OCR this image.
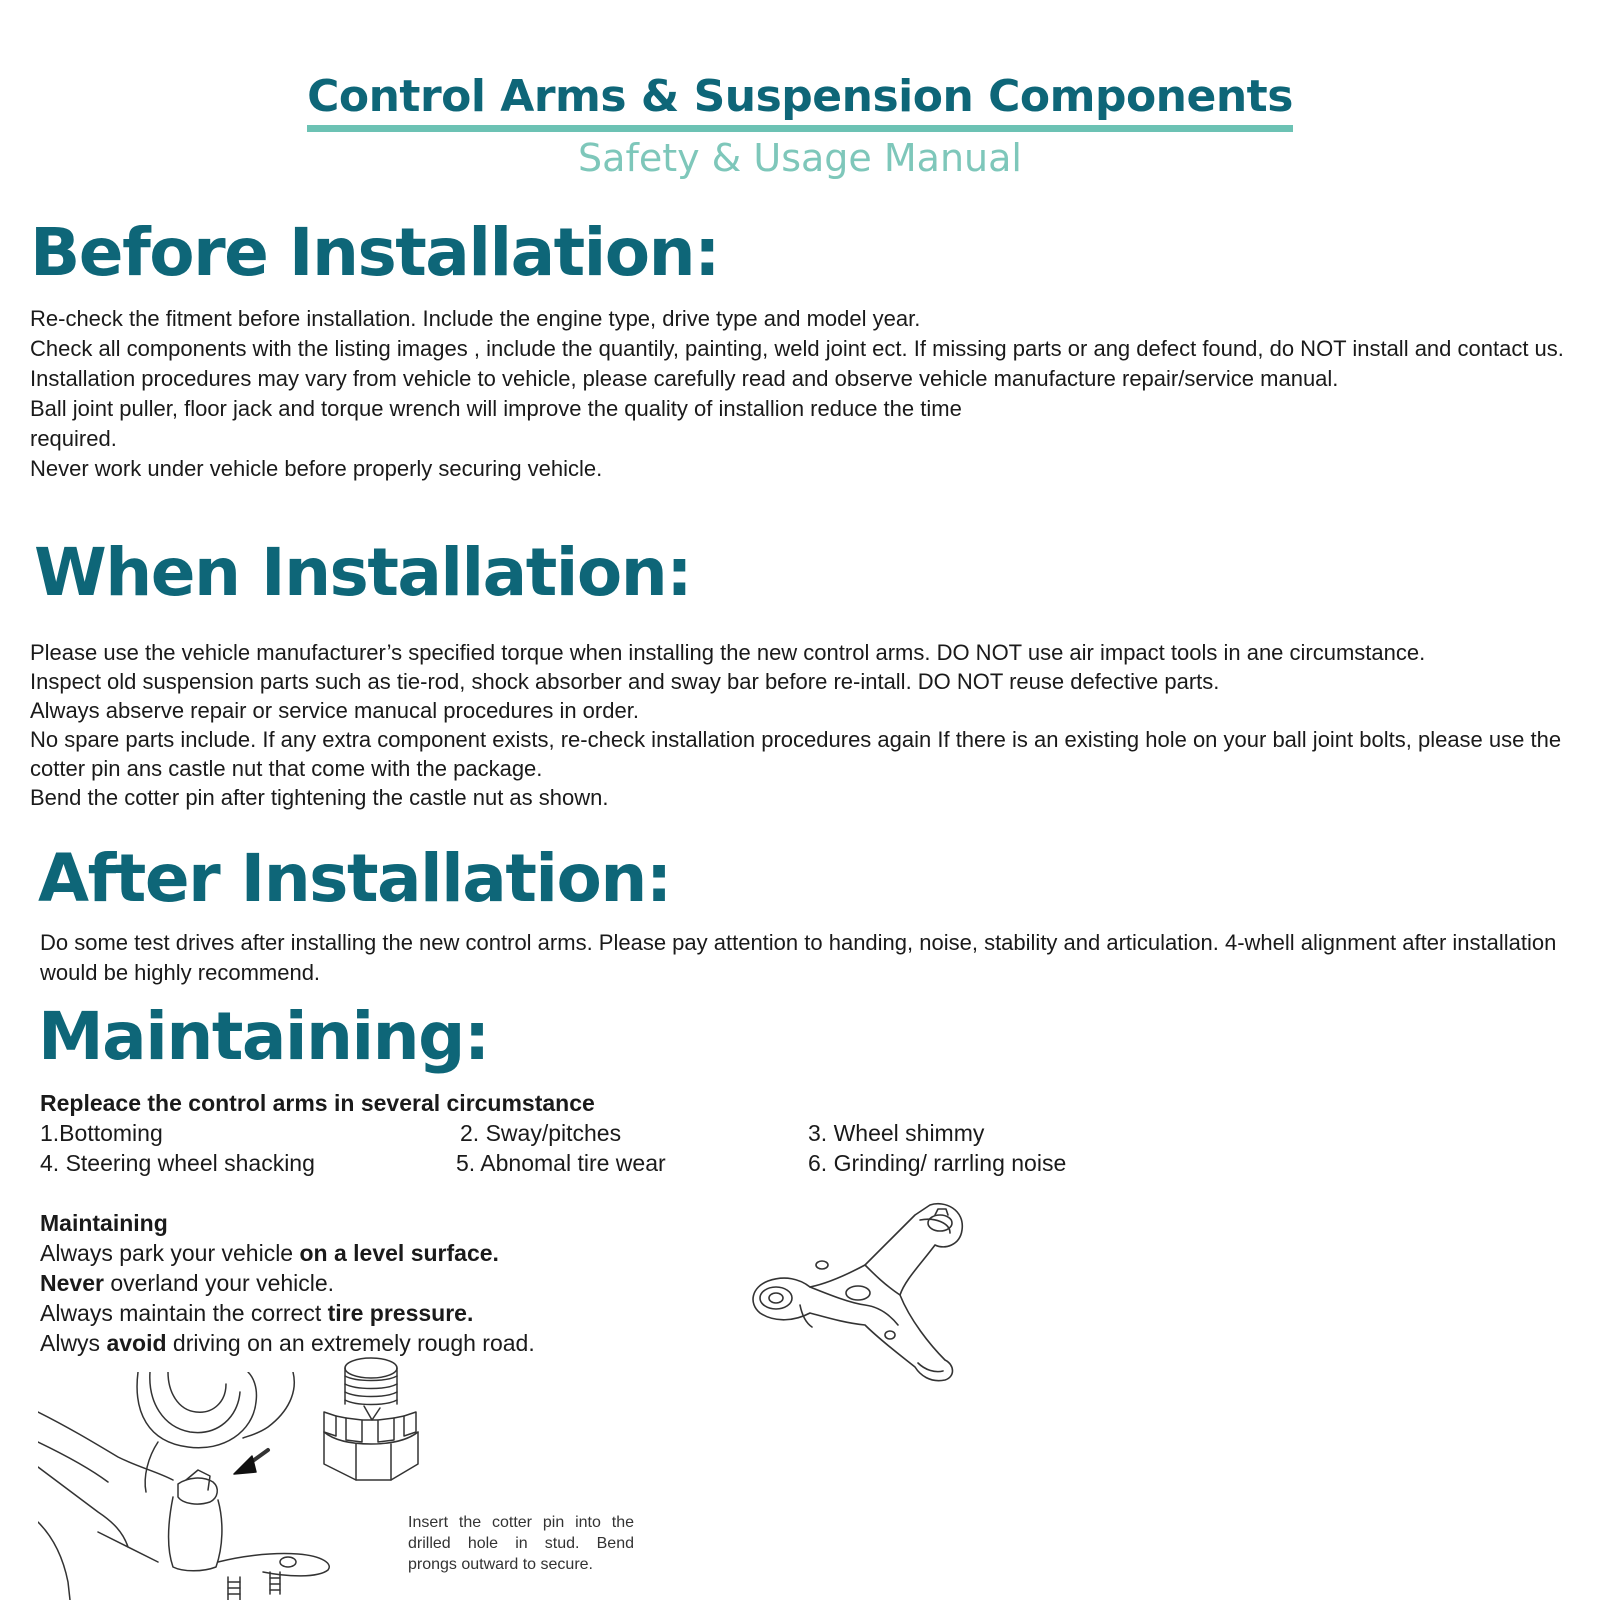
Control Arms & Suspension Components
Safety & Usage Manual
Before Installation:

Re-check the fitment before installation. Include the engine type, drive type and model year.

Check all components with the listing images , include the quantily, painting, weld joint ect. If missing parts or ang defect found, do NOT install and contact us.

Installation procedures may vary from vehicle to vehicle, please carefully read and observe vehicle manufacture repair/service manual.

Ball joint puller, floor jack and torque wrench will improve the quality of installion reduce the time

required.

Never work under vehicle before properly securing vehicle.

When Installation:

Please use the vehicle manufacturer’s specified torque when installing the new control arms. DO NOT use air impact tools in ane circumstance.

Inspect old suspension parts such as tie-rod, shock absorber and sway bar before re-intall. DO NOT reuse defective parts.

Always abserve repair or service manucal procedures in order.

No spare parts include. If any extra component exists, re-check installation procedures again If there is an existing hole on your ball joint bolts, please use the cotter pin ans castle nut that come with the package.

Bend the cotter pin after tightening the castle nut as shown.

After Installation:

Do some test drives after installing the new control arms. Please pay attention to handing, noise, stability and articulation. 4-whell alignment after installation would be highly recommend.

Maintaining:

Repleace the control arms in several circumstance

1.Bottoming	2. Sway/pitches	3. Wheel shimmy
4. Steering wheel shacking	5. Abnomal tire wear	6. Grinding/ rarrling noise

Maintaining

Always park your vehicle on a level surface.

Never overland your vehicle.

Always maintain the correct tire pressure.

Alwys avoid driving on an extremely rough road.

Insert the cotter pin into the drilled hole in stud. Bend prongs outward to secure.
